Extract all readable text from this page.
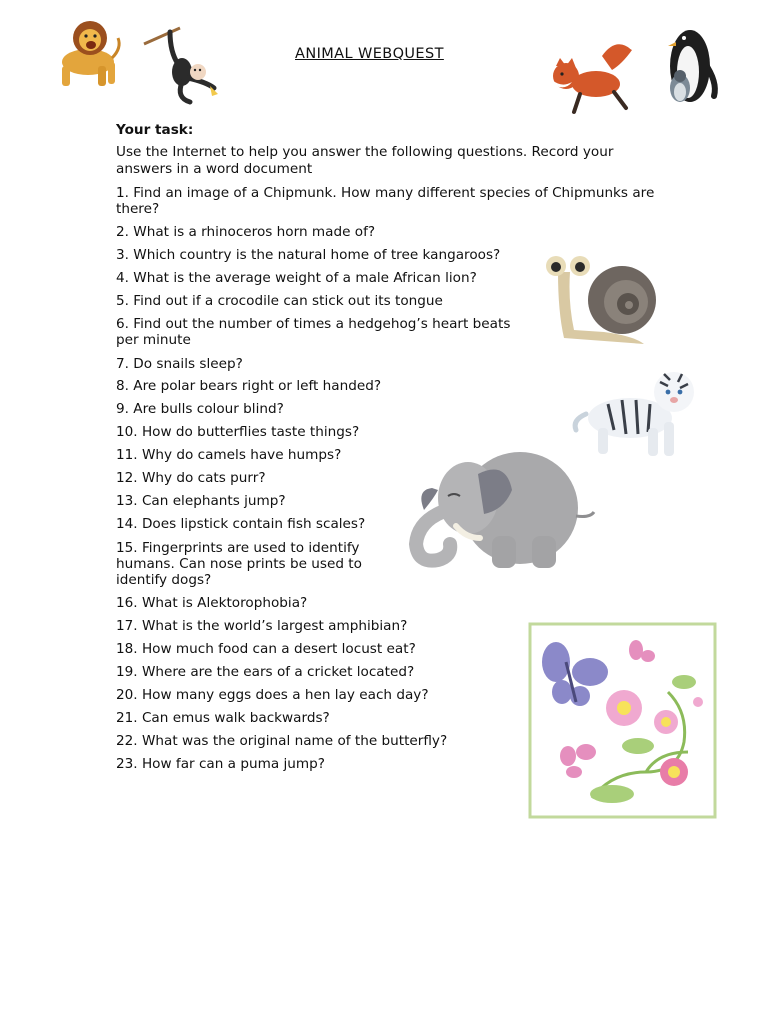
ANIMAL WEBQUEST
Your task:
Use the Internet to help you answer the following questions. Record your answers in a word document
1. Find an image of a Chipmunk. How many different species of Chipmunks are there?
2. What is a rhinoceros horn made of?
3. Which country is the natural home of tree kangaroos?
4. What is the average weight of a male African lion?
5. Find out if a crocodile can stick out its tongue
6. Find out the number of times a hedgehog’s heart beats per minute
7. Do snails sleep?
8. Are polar bears right or left handed?
9. Are bulls colour blind?
10. How do butterflies taste things?
11. Why do camels have humps?
12. Why do cats purr?
13. Can elephants jump?
14. Does lipstick contain fish scales?
15. Fingerprints are used to identify humans. Can nose prints be used to identify dogs?
16. What is Alektorophobia?
17. What is the world’s largest amphibian?
18. How much food can a desert locust eat?
19. Where are the ears of a cricket located?
20. How many eggs does a hen lay each day?
21. Can emus walk backwards?
22. What was the original name of the butterfly?
23. How far can a puma jump?
